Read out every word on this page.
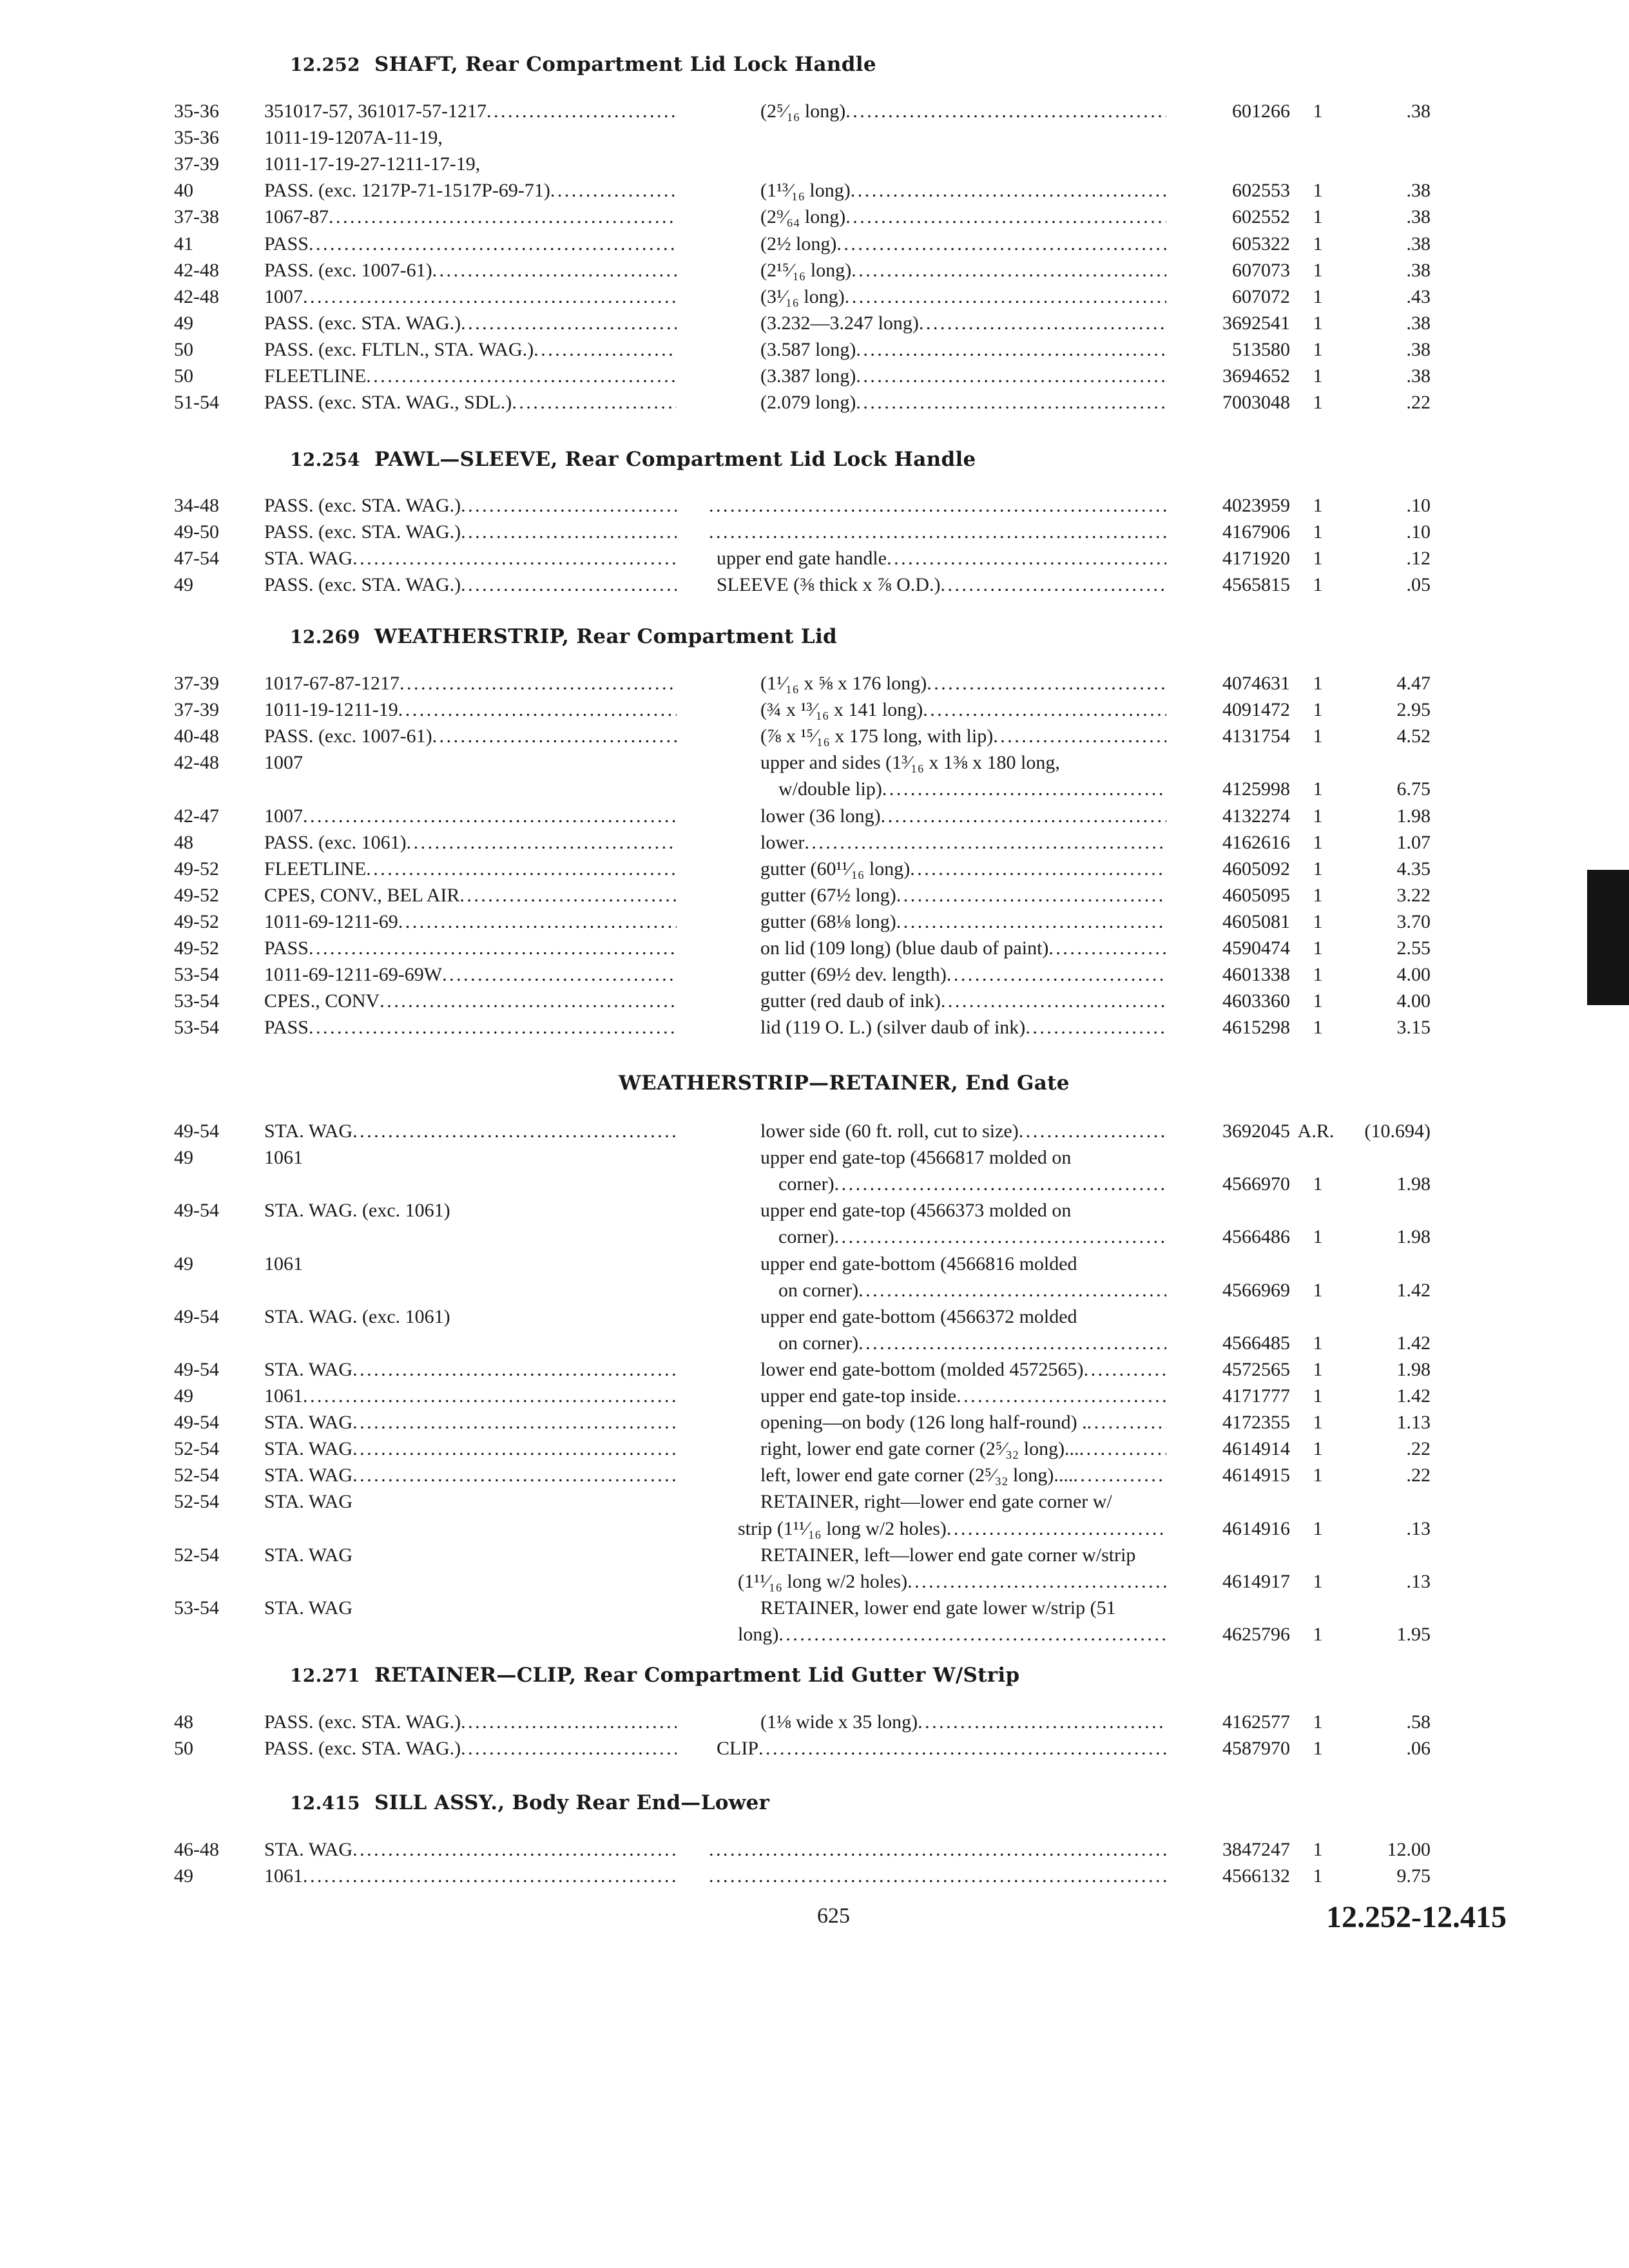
12.252 SHAFT, Rear Compartment Lid Lock Handle
35-36 351017-57, 361017-57-1217 . . .	(2⁵⁄₁₆ long) . . .	601266 1	.38
35-36 1011-19-1207A-11-19,
37-39 1011-17-19-27-1211-17-19,
40	PASS. (exc. 1217P-71-1517P-69-71) . . .	(1¹³⁄₁₆ long) . . .	602553 1	.38
37-38 1067-87 . . .	(2⁹⁄₆₄ long) . . .	602552 1	.38
41	PASS . . .	(2½ long) . . .	605322 1	.38
42-48 PASS. (exc. 1007-61) . . .	(2¹⁵⁄₁₆ long) . . .	607073 1	.38
42-48 1007 . . .	(3¹⁄₁₆ long) . . .	607072 1	.43
49	PASS. (exc. STA. WAG.) . . .	(3.232—3.247 long) . . .	3692541 1	.38
50	PASS. (exc. FLTLN., STA. WAG.) . . .	(3.587 long) . . .	513580 1	.38
50	FLEETLINE . . .	(3.387 long) . . .	3694652 1	.38
51-54 PASS. (exc. STA. WAG., SDL.) . . .	(2.079 long) . . .	7003048 1	.22
12.254 PAWL—SLEEVE, Rear Compartment Lid Lock Handle
34-48 PASS. (exc. STA. WAG.) . . . . . .	4023959 1	.10
49-50 PASS. (exc. STA. WAG.) . . . . . .	4167906 1	.10
47-54 STA. WAG . . .	upper end gate handle . . .	4171920 1	.12
49	PASS. (exc. STA. WAG.) . . .	SLEEVE (⅜ thick x ⅞ O.D.) . . .	4565815 1	.05
12.269 WEATHERSTRIP, Rear Compartment Lid
37-39 1017-67-87-1217 . . .	(1¹⁄₁₆ x ⅝ x 176 long) . . .	4074631 1	4.47
37-39 1011-19-1211-19 . . .	(¾ x ¹³⁄₁₆ x 141 long) . . .	4091472 1	2.95
40-48 PASS. (exc. 1007-61) . . .	(⅞ x ¹⁵⁄₁₆ x 175 long, with lip) . . .	4131754 1	4.52
42-48 1007	upper and sides (1³⁄₁₆ x 1⅜ x 180 long,
w/double lip) . . .	4125998 1	6.75
42-47 1007 . . .	lower (36 long) . . .	4132274 1	1.98
48	PASS. (exc. 1061) . . .	lower . . .	4162616 1	1.07
49-52 FLEETLINE . . .	gutter (60¹¹⁄₁₆ long) . . .	4605092 1	4.35
49-52 CPES, CONV., BEL AIR . . .	gutter (67½ long) . . .	4605095 1	3.22
49-52 1011-69-1211-69 . . .	gutter (68⅛ long) . . .	4605081 1	3.70
49-52 PASS . . .	on lid (109 long) (blue daub of paint) . . .	4590474 1	2.55
53-54 1011-69-1211-69-69W . . .	gutter (69½ dev. length) . . .	4601338 1	4.00
53-54 CPES., CONV . . .	gutter (red daub of ink) . . .	4603360 1	4.00
53-54 PASS . . .	lid (119 O. L.) (silver daub of ink) . . .	4615298 1	3.15
WEATHERSTRIP—RETAINER, End Gate
49-54 STA. WAG . . .	lower side (60 ft. roll, cut to size) . . .	3692045 A.R.	(10.694)
49	1061	upper end gate-top (4566817 molded on
corner) . . .	4566970 1	1.98
49-54 STA. WAG. (exc. 1061)	upper end gate-top (4566373 molded on
corner) . . .	4566486 1	1.98
49	1061	upper end gate-bottom (4566816 molded
on corner) . . .	4566969 1	1.42
49-54 STA. WAG. (exc. 1061)	upper end gate-bottom (4566372 molded
on corner) . . .	4566485 1	1.42
49-54 STA. WAG . . .	lower end gate-bottom (molded 4572565) . . .	4572565 1	1.98
49	1061 . . .	upper end gate-top inside . . .	4171777 1	1.42
49-54 STA. WAG . . .	opening—on body (126 long half-round) . . . .	4172355 1	1.13
52-54 STA. WAG . . .	right, lower end gate corner (2⁵⁄₃₂ long)... . . .	4614914 1	.22
52-54 STA. WAG . . .	left, lower end gate corner (2⁵⁄₃₂ long).... . . .	4614915 1	.22
52-54 STA. WAG	RETAINER, right—lower end gate corner w/
strip (1¹¹⁄₁₆ long w/2 holes) . . .	4614916 1	.13
52-54 STA. WAG	RETAINER, left—lower end gate corner w/strip
(1¹¹⁄₁₆ long w/2 holes) . . .	4614917 1	.13
53-54 STA. WAG	RETAINER, lower end gate lower w/strip (51
long) . . .	4625796 1	1.95
12.271 RETAINER—CLIP, Rear Compartment Lid Gutter W/Strip
48	PASS. (exc. STA. WAG.) . . .	(1⅛ wide x 35 long) . . .	4162577 1	.58
50	PASS. (exc. STA. WAG.) . . .	CLIP . . .	4587970 1	.06
12.415 SILL ASSY., Body Rear End—Lower
46-48 STA. WAG . . . . . .	3847247 1	12.00
49	1061 . . . . . .	4566132 1	9.75
625	12.252-12.415
